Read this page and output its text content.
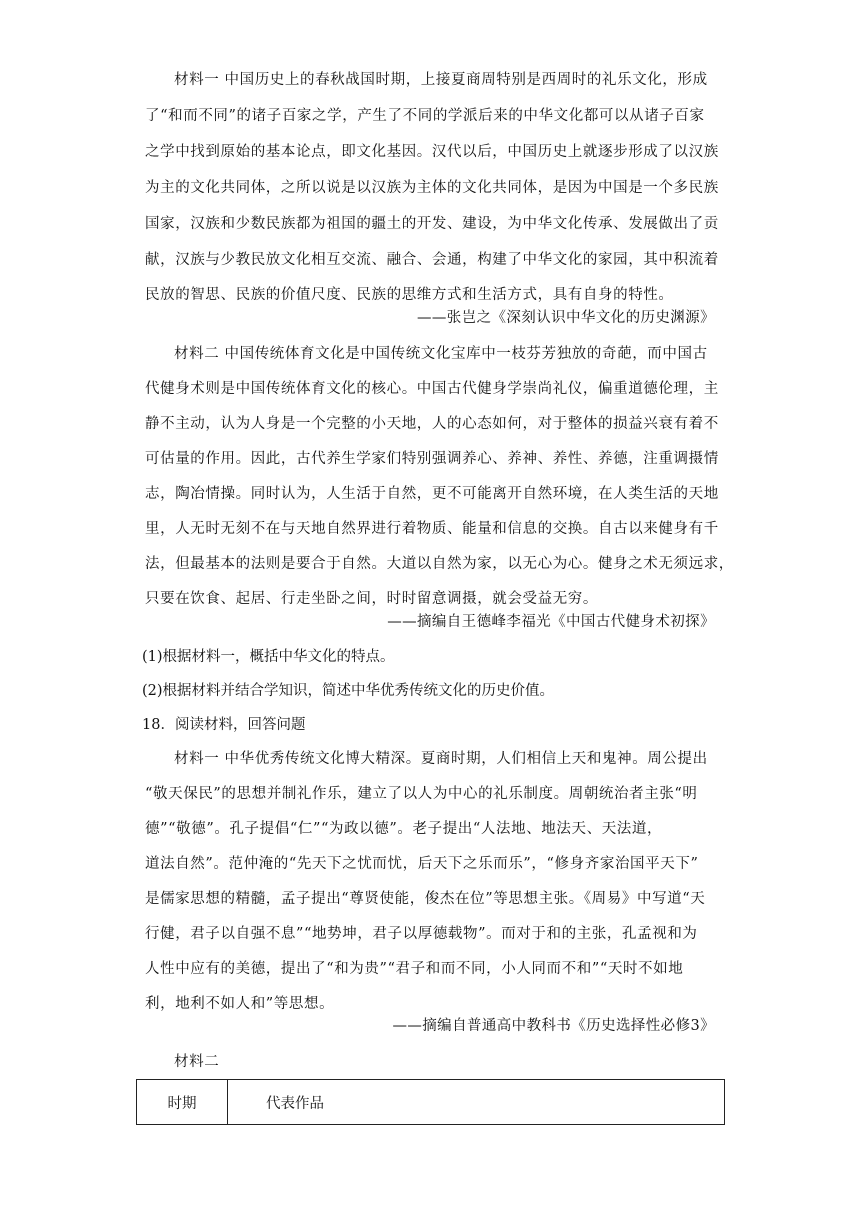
材料一 中国历史上的春秋战国时期，上接夏商周特别是西周时的礼乐文化，形成
了“和而不同”的诸子百家之学，产生了不同的学派后来的中华文化都可以从诸子百家
之学中找到原始的基本论点，即文化基因。汉代以后，中国历史上就逐步形成了以汉族
为主的文化共同体，之所以说是以汉族为主体的文化共同体，是因为中国是一个多民族
国家，汉族和少数民族都为祖国的疆土的开发、建设，为中华文化传承、发展做出了贡
献，汉族与少教民放文化相互交流、融合、会通，构建了中华文化的家园，其中积流着
民放的智思、民族的价值尺度、民族的思维方式和生活方式，具有自身的特性。
——张岂之《深刻认识中华文化的历史渊源》
材料二 中国传统体育文化是中国传统文化宝库中一枝芬芳独放的奇葩，而中国古
代健身术则是中国传统体育文化的核心。中国古代健身学崇尚礼仪，偏重道德伦理，主
静不主动，认为人身是一个完整的小天地，人的心态如何，对于整体的损益兴衰有着不
可估量的作用。因此，古代养生学家们特别强调养心、养神、养性、养德，注重调摄情
志，陶冶情操。同时认为，人生活于自然，更不可能离开自然环境，在人类生活的天地
里，人无时无刻不在与天地自然界进行着物质、能量和信息的交换。自古以来健身有千
法，但最基本的法则是要合于自然。大道以自然为家，以无心为心。健身之术无须远求，
只要在饮食、起居、行走坐卧之间，时时留意调摄，就会受益无穷。
——摘编自王德峰李福光《中国古代健身术初探》
(1)根据材料一，概括中华文化的特点。
(2)根据材料并结合学知识，简述中华优秀传统文化的历史价值。
18．阅读材料，回答问题
材料一 中华优秀传统文化博大精深。夏商时期，人们相信上天和鬼神。周公提出
“敬天保民”的思想并制礼作乐，建立了以人为中心的礼乐制度。周朝统治者主张“明
德”“敬德”。孔子提倡“仁”“为政以德”。老子提出“人法地、地法天、天法道，
道法自然”。范仲淹的“先天下之忧而忧，后天下之乐而乐”，“修身齐家治国平天下”
是儒家思想的精髓，孟子提出“尊贤使能，俊杰在位”等思想主张。《周易》中写道“天
行健，君子以自强不息”“地势坤，君子以厚德载物”。而对于和的主张，孔孟视和为
人性中应有的美德，提出了“和为贵”“君子和而不同，小人同而不和”“天时不如地
利，地利不如人和”等思想。
——摘编自普通高中教科书《历史选择性必修3》
材料二
时期	代表作品
